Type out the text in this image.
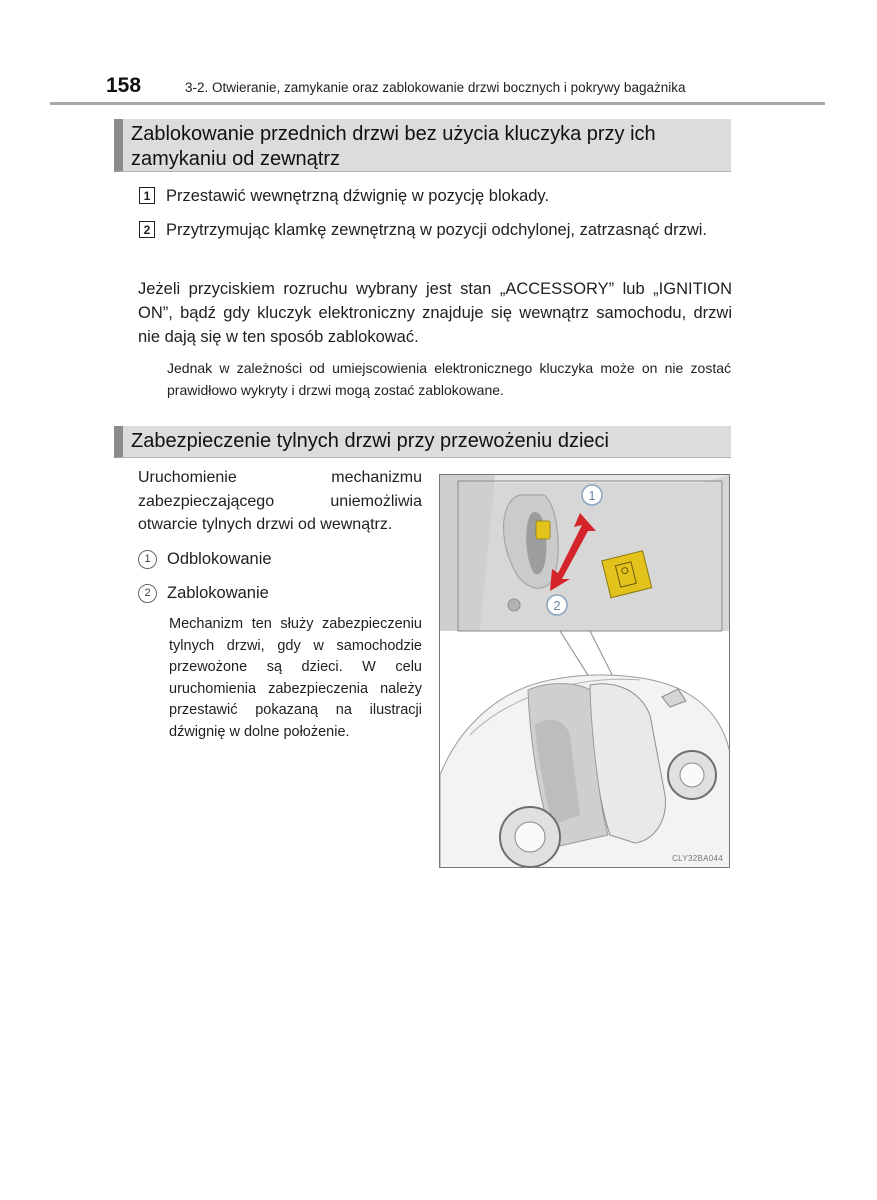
158	3-2. Otwieranie, zamykanie oraz zablokowanie drzwi bocznych i pokrywy bagażnika
Zablokowanie przednich drzwi bez użycia kluczyka przy ich
zamykaniu od zewnątrz
1 Przestawić wewnętrzną dźwignię w pozycję blokady.
2 Przytrzymując klamkę zewnętrzną w pozycji odchylonej, zatrzasnąć drzwi.
Jeżeli przyciskiem rozruchu wybrany jest stan „ACCESSORY” lub „IGNITION ON”, bądź gdy kluczyk elektroniczny znajduje się wewnątrz samochodu, drzwi nie dają się w ten sposób zablokować.
Jednak w zależności od umiejscowienia elektronicznego kluczyka może on nie zostać prawidłowo wykryty i drzwi mogą zostać zablokowane.
Zabezpieczenie tylnych drzwi przy przewożeniu dzieci
Uruchomienie mechanizmu zabezpieczającego uniemożliwia otwarcie tylnych drzwi od wewnątrz.
1 Odblokowanie
2 Zablokowanie
Mechanizm ten służy zabezpieczeniu tylnych drzwi, gdy w samochodzie przewożone są dzieci. W celu uruchomienia zabezpieczenia należy przestawić pokazaną na ilustracji dźwignię w dolne położenie.
1
2
CLY32BA044
